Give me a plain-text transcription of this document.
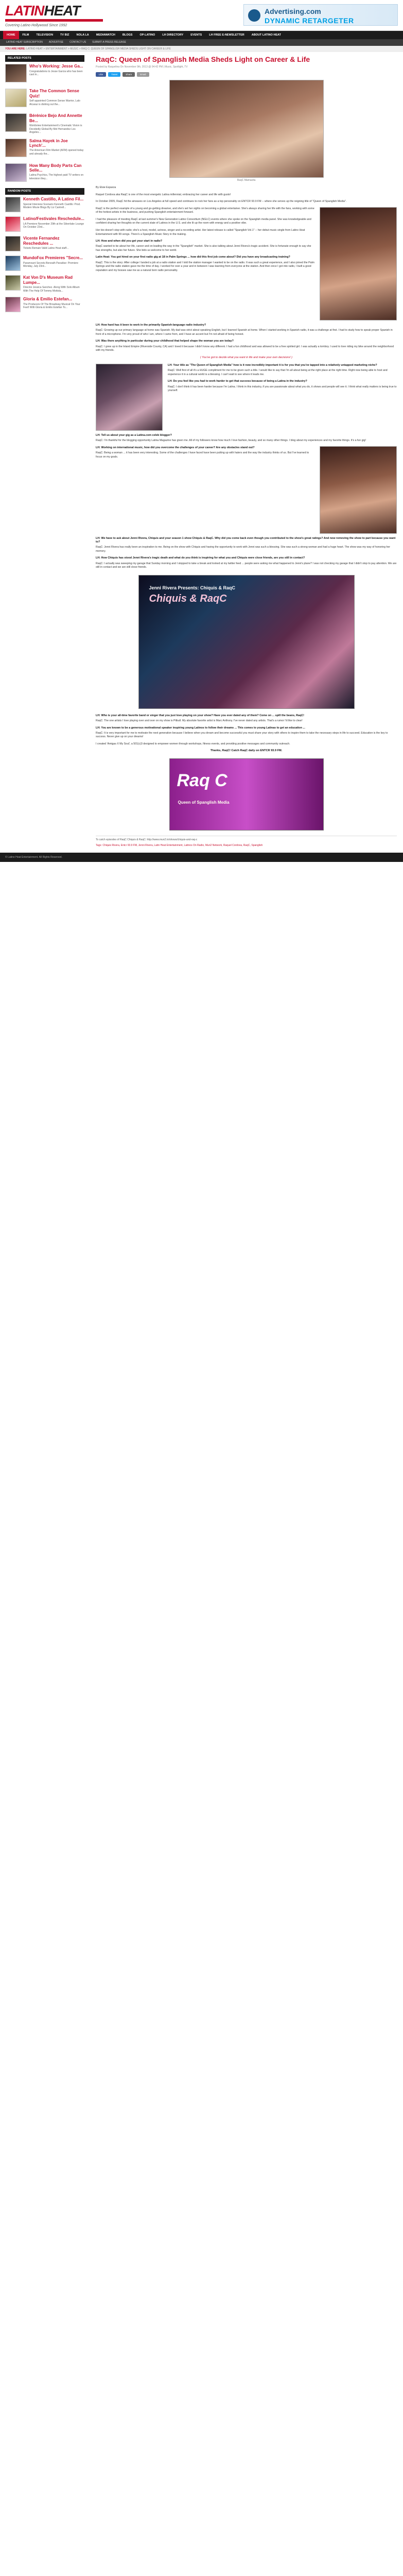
LATINHEAT
Covering Latino Hollywood Since 1992
Advertising.com
DYNAMIC RETARGETER
HOME	FILM	TELEVISION	TV BIZ	NOLA LA	MEDIAWATCH	BLOGS	OP-LATINO	LH DIRECTORY	EVENTS	LH FREE E-NEWSLETTER	ABOUT LATINO HEAT
LATINO HEAT SUBSCRIPTION	ADVERTISE	CONTACT US	SUBMIT A PRESS RELEASE
YOU ARE HERE: LATINO HEAT > ENTERTAINMENT > MUSIC > RAQ C: QUEEN OF SPANGLISH MEDIA SHEDS LIGHT ON CAREER & LIFE
RELATED POSTS
Who's Working: Jesse Ga...
Congratulations to Jesse Garcia who has been cast in...
Take The Common Sense Quiz!
Self appointed Common Sense Warrior, Lalo Alcaraz is dishing out the...
Bérénice Bejo And Annette Be...
Worldview Entertainment's Cinematic Vision is Decidedly Global By Mel Hernandez Los Angeles...
Salma Hayek in Joe Lynch'...
The American Film Market (AFM) opened today and already the...
How Many Body Parts Can Selle...
Latina Psychics, The highest paid TV writers on television they...
RANDOM POSTS
Kenneth Castillo, A Latino Fil...
Special Interview Scenario Kenneth Castillo: Prod. Modern Movie Blogs By Liz Cantrell...
Latino/Festivales Reschedule...
LA Premiere November 29th at the Silverlake Lounge On October 23rd...
Vicente Fernandez Reschedules ...
Tickets Remain Valid Latino Heat staff...
MundoFox Premieres "Secre...
Paramount Secrets Beneath Paradise: Premiere Monday, July 23rd...
Kat Von D's Museum Rad Lumpe...
Director Jessica Sanchez. Along With Solo Album With The Help Of Tommy Mottola...
Gloria & Emilio Estefan...
The Producers Of The Broadway Musical On Your Feet! With Gloria & Emilio Estefan To...
RaqC: Queen of Spanglish Media Sheds Light on Career & Life
Posted by Raquelina On November 9th, 2013 @ 04:42 PM | Music, Spotlight, TV
Like	Tweet	Share	Email
RaqC Mamacita

By Elsie Esparza

Raquel Cordova aka RaqC is one of the most energetic Latina millennial, embracing her career and life with gusto!

In October 2005, RaqC hit the airwaves on Los Angeles at full speed and continues to rock her fans as a top personality on ENTCR 93.9 FM -- where she serves up the reigning title of "Queen of Spanglish Media".

RaqC is the perfect example of a young and go-getting dreamer, and she's set her sights on becoming a global entertainer. She's always sharing her life with the fans, working with some of the hottest artists in the business, and pushing Spanglish entertainment forward.

I had the pleasure of meeting RaqC at last summer's New Generation Latino Consortium (NGLC) events where she spoke on the Spanglish media panel. She was knowledgeable and confident sharing her thoughts on the current state of Latinos in the U.S. and she lit up the room with energy and a positive vibe.

Her bio doesn't stop with radio; she's a host, model, actress, singer and a recording artist. Her latest release is called "Spanglish Vol.1" -- her debut music single from Latino Heat Entertainment with 99 songs. There's a Spanglish Music Story in the making.

LH: How and when did you get your start in radio?

RaqC wanted to be about her life, career and on leading the way in the "Spanglish" market. She is also talking about Jenni Rivera's tragic accident. She is fortunate enough to say she has strengths, but also her future. She bids us welcome to her world.

Latin Heat: You got hired on your first radio gig at 18 in Palm Springs ... how did this first job come about? Did you have any broadcasting training?

RaqC: This is the story: After college I landed a job at a radio station and I told the station manager I wanted to be on the radio. It was such a great experience, and I also joined the Palm Springs and the radio station gave me the time of day. I worked for over a year and in between I was learning from everyone at the station. And then once I got into radio, I built a good reputation and my bosses saw me as a natural born radio personality.

LH: How hard has it been to work in the primarily Spanish-language radio industry?

RaqC: Growing up our primary language at home was Spanish. My dad was strict about speaking English, but I learned Spanish at home. When I started working in Spanish radio, it was a challenge at first. I had to study how to speak proper Spanish in front of a microphone. I'm very proud of who I am, where I came from, and I have an accent but I'm not afraid of being honest.

LH: Was there anything in particular during your childhood that helped shape the woman you are today?

RaqC: I grew up in the Inland Empire (Riverside County, CA) and I loved it because I didn't know any different. I had a fun childhood and was allowed to be a free spirited girl. I was actually a tomboy. I used to love riding my bike around the neighborhood with my friends.

( You've got to decide what you want in life and make your own decisions! )

LH: Your title as "The Queen of Spanglish Media" how is it now incredibly important it is for you that you've tapped into a relatively untapped marketing niche?

RaqC: Well first of all it's a HUGE compliment for me to be given such a title. I would like to say that I'm all about being at the right place at the right time. Right now being able to host and experience it in a cultural world is a blessing. I can't wait to see where it leads me.

LH: Do you feel like you had to work harder to get that success because of being a Latina in the industry?

RaqC: I don't think it has been harder because I'm Latina. I think in this industry, if you are passionate about what you do, it shows and people will see it. I think what really matters is being true to yourself.

LH: Tell us about your gig as a Latina.com celeb blogger?

RaqC: I'm thankful for the blogging opportunity Latina Magazine has given me. All of my followers know how much I love fashion, beauty, and so many other things. I blog about my experiences and my favorite things. It's a fun gig!

LH: Working on international music, how did you overcome the challenges of your career? Are any obstacles stand out?

RaqC: Being a woman ... it has been very interesting. Some of the challenges I have faced have been putting up with haters and the way the industry thinks of us. But I've learned to focus on my goals.

LH: We have to ask about Jenni Rivera, Chiquis and your season 1 show Chiquis & RaqC. Why did you come back even though you contributed to the show's great ratings? And now removing the show to part because you want to?

RaqC: Jenni Rivera has really been an inspiration to me. Being on the show with Chiquis and having the opportunity to work with Jenni was such a blessing. She was such a strong woman and had a huge heart. The show was my way of honoring her memory.

LH: How Chiquis has stood Jenni Rivera's tragic death and what do you think is inspiring for what you and Chiquis were close friends, are you still in contact?

RaqC: I actually was sweeping my garage that Sunday morning and I stopped to take a break and looked at my twitter feed ... people were asking me what happened to Jenni's plane? I was not checking my garage that I didn't stop to pay attention. We are still in contact and we are still close friends.

Jenni Rivera Presents: Chiquis & RaqC
Chiquis & RaqC

LH: Who is your all-time favorite band or singer that you just love playing on your show? Have you ever dated any of them? Come on ... spill the beans, RaqC!

RaqC: The one artists I love playing over and over on my show is Pitbull. My absolute favorite artist is Marc Anthony. I've never dated any artists. That's a rumor I'd like to clear!

LH: You are known to be a generous motivational speaker inspiring young Latinos to follow their dreams ... This comes to young Latinas to get an education ...

RaqC: It is very important for me to motivate the next generation because I believe when you dream and become successful you must share your story with others to inspire them to take the necessary steps in life to succeed. Education is the key to success. Never give up on your dreams!

I created 'Amigas X My Soul', a 501(c)3 designed to empower women through workshops, fitness events, and providing positive messages and community outreach.

Thanks, RaqC! Catch RaqC daily on ENTCR 93.9 FM.

Raq C
Queen of Spanglish Media
To catch episodes of RaqC Chiquis & RaqC: http://www.mun2.tv/shows/chiquis-and-raq-c
Tags: Chiquis Rivera, Entcr 93.9 FM, Jenni Rivera, Latin Heat Entertainment, Latinos On Radio, Mun2 Network, Raquel Cordova, RaqC, Spanglish
© Latino Heat Entertainment. All Rights Reserved.
